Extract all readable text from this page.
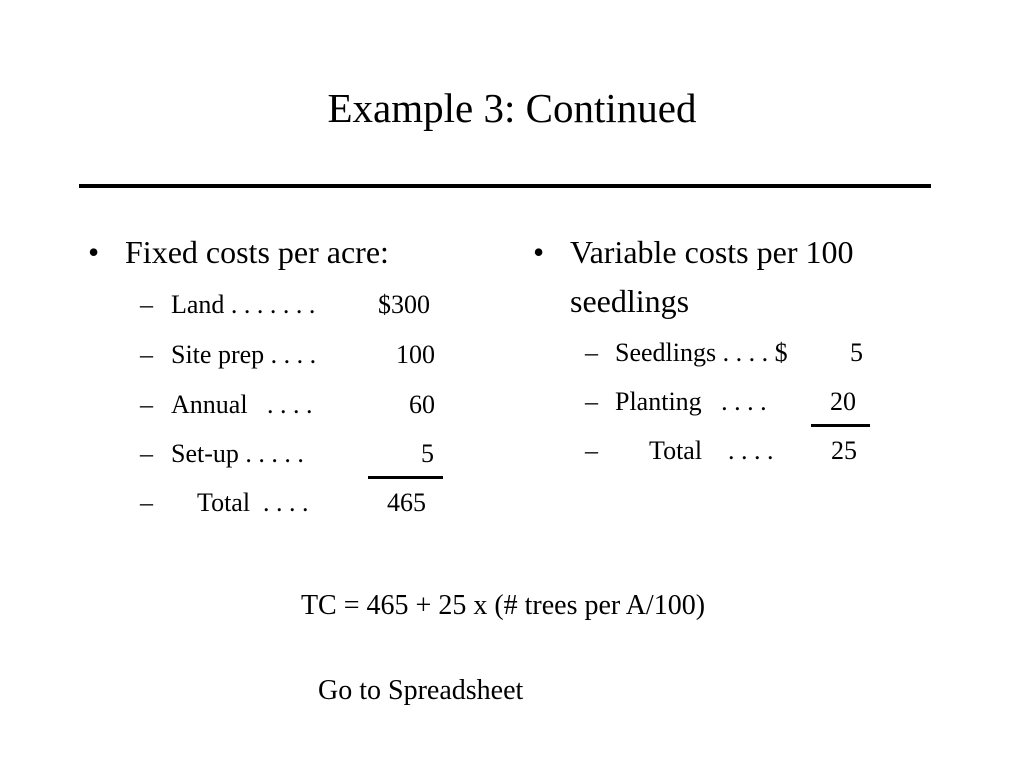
Example 3: Continued
• Fixed costs per acre:
– Land . . . . . . . $300
– Site prep . . . .	100
– Annual   . . . .	60
– Set-up . . . . .	5
– Total  . . . .	465
• Variable costs per 100
seedlings
– Seedlings . . . . $ 5
– Planting   . . . . 20
– Total    . . . . 25
TC = 465 + 25 x (# trees per A/100)
Go to Spreadsheet
